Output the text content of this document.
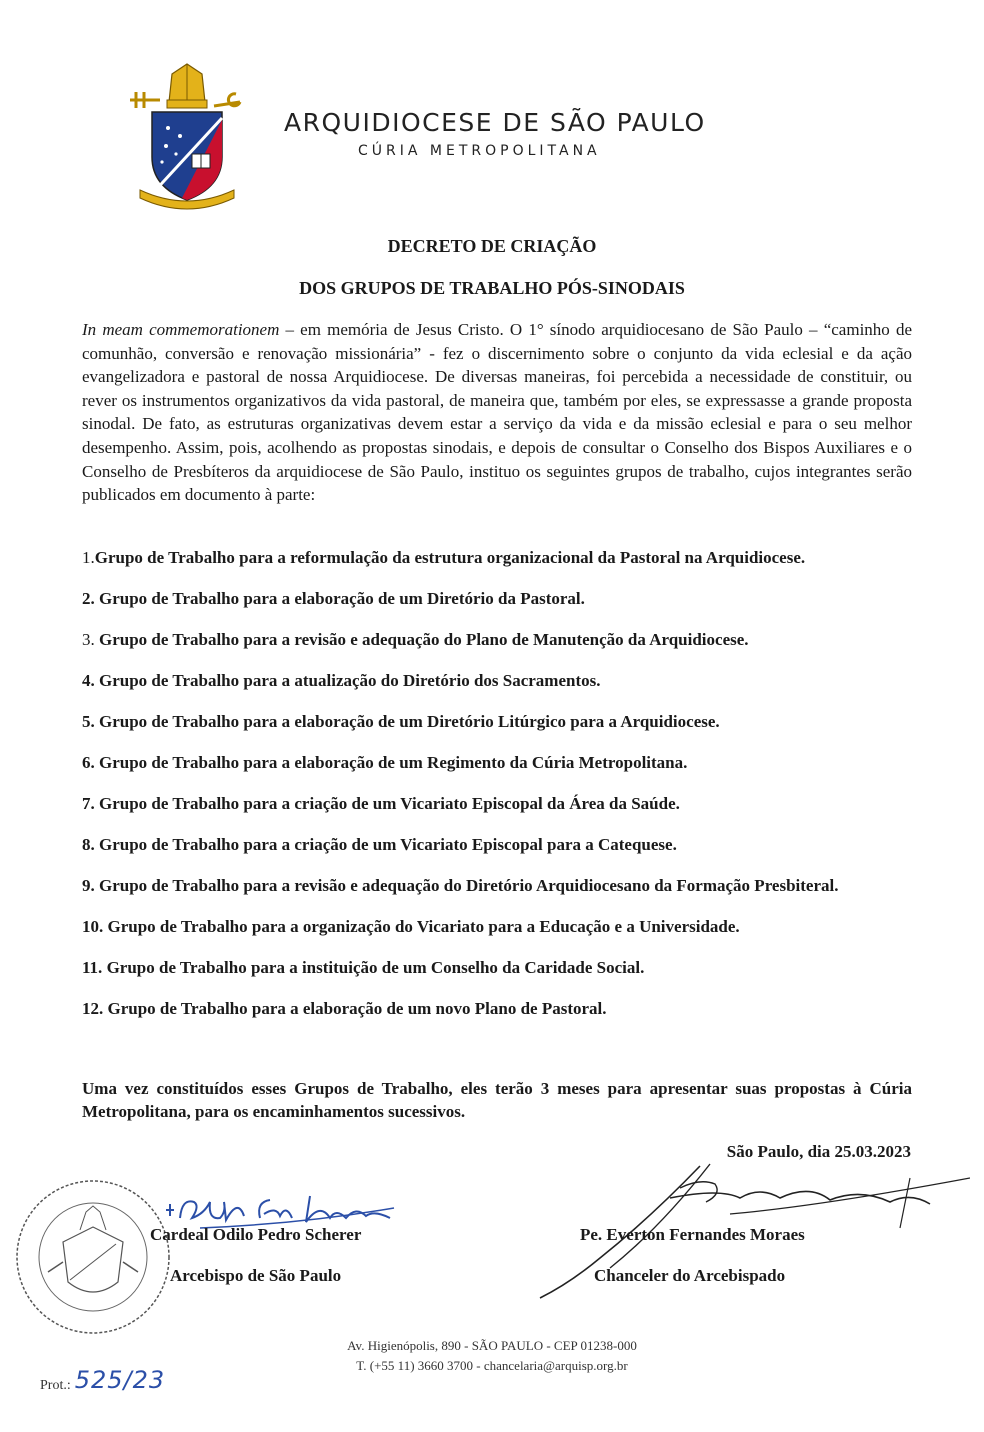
ARQUIDIOCESE DE SÃO PAULO
CÚRIA METROPOLITANA
DECRETO DE CRIAÇÃO
DOS GRUPOS DE TRABALHO PÓS-SINODAIS
In meam commemorationem – em memória de Jesus Cristo. O 1° sínodo arquidiocesano de São Paulo – “caminho de comunhão, conversão e renovação missionária” - fez o discernimento sobre o conjunto da vida eclesial e da ação evangelizadora e pastoral de nossa Arquidiocese. De diversas maneiras, foi percebida a necessidade de constituir, ou rever os instrumentos organizativos da vida pastoral, de maneira que, também por eles, se expressasse a grande proposta sinodal. De fato, as estruturas organizativas devem estar a serviço da vida e da missão eclesial e para o seu melhor desempenho. Assim, pois, acolhendo as propostas sinodais, e depois de consultar o Conselho dos Bispos Auxiliares e o Conselho de Presbíteros da arquidiocese de São Paulo, instituo os seguintes grupos de trabalho, cujos integrantes serão publicados em documento à parte:
1.Grupo de Trabalho para a reformulação da estrutura organizacional da Pastoral na Arquidiocese.
2. Grupo de Trabalho para a elaboração de um Diretório da Pastoral.
3. Grupo de Trabalho para a revisão e adequação do Plano de Manutenção da Arquidiocese.
4. Grupo de Trabalho para a atualização do Diretório dos Sacramentos.
5. Grupo de Trabalho para a elaboração de um Diretório Litúrgico para a Arquidiocese.
6. Grupo de Trabalho para a elaboração de um Regimento da Cúria Metropolitana.
7. Grupo de Trabalho para a criação de um Vicariato Episcopal da Área da Saúde.
8. Grupo de Trabalho para a criação de um Vicariato Episcopal para a Catequese.
9. Grupo de Trabalho para a revisão e adequação do Diretório Arquidiocesano da Formação Presbiteral.
10. Grupo de Trabalho para a organização do Vicariato para a Educação e a Universidade.
11. Grupo de Trabalho para a instituição de um Conselho da Caridade Social.
12. Grupo de Trabalho para a elaboração de um novo Plano de Pastoral.
Uma vez constituídos esses Grupos de Trabalho, eles terão 3 meses para apresentar suas propostas à Cúria Metropolitana, para os encaminhamentos sucessivos.
São Paulo, dia 25.03.2023
Cardeal Odilo Pedro Scherer
Arcebispo de São Paulo
Pe. Everton Fernandes Moraes
Chanceler do Arcebispado
Av. Higienópolis, 890 - SÃO PAULO - CEP 01238-000
T. (+55 11) 3660 3700 - chancelaria@arquisp.org.br
Prot.: 525/23
